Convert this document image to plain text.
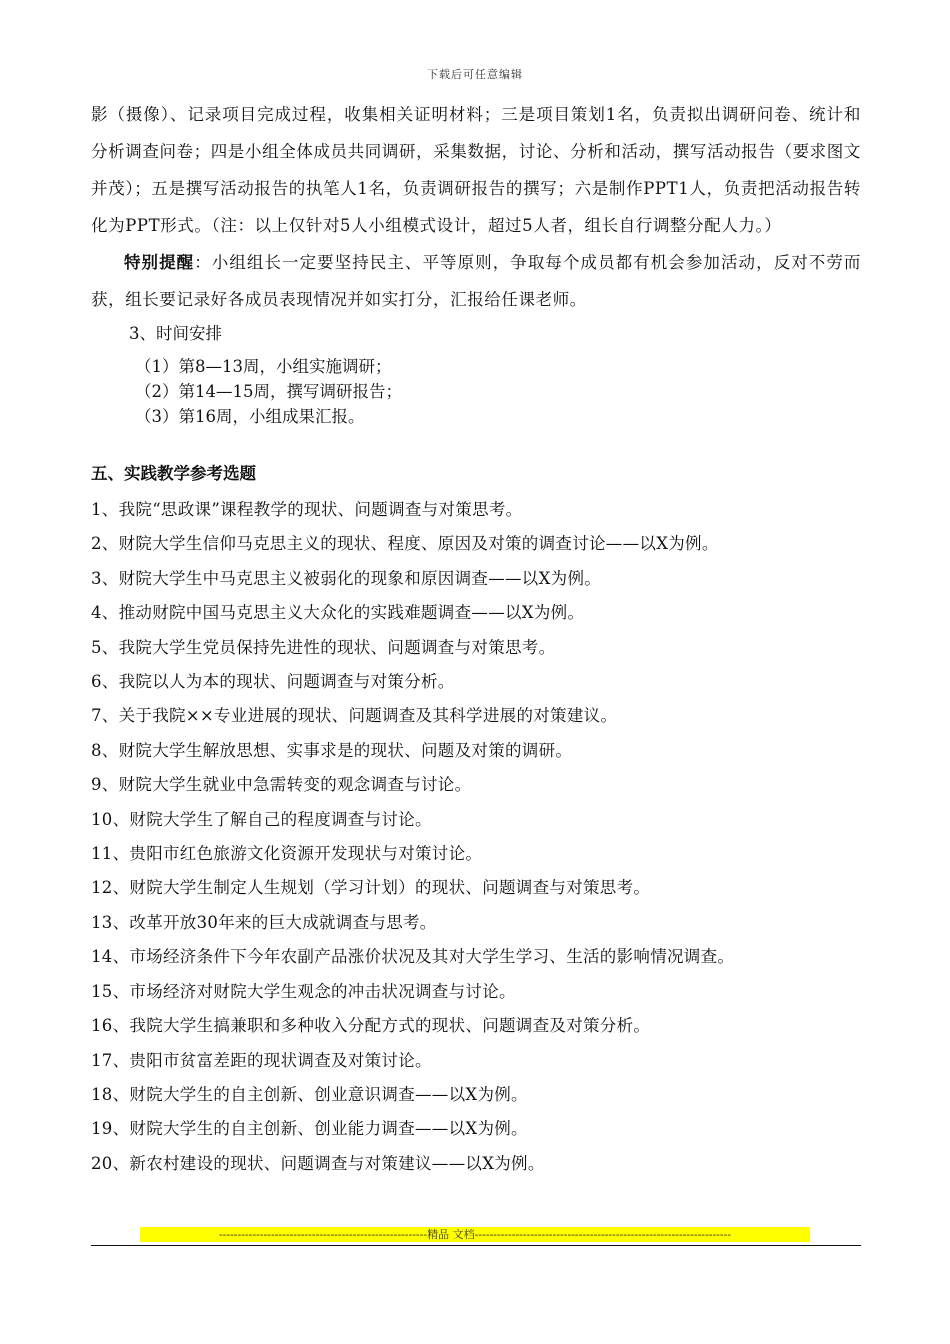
下载后可任意编辑

影（摄像）、记录项目完成过程，收集相关证明材料；三是项目策划1名，负责拟出调研问卷、统计和分析调查问卷；四是小组全体成员共同调研，采集数据，讨论、分析和活动，撰写活动报告（要求图文并茂）；五是撰写活动报告的执笔人1名，负责调研报告的撰写；六是制作PPT1人，负责把活动报告转化为PPT形式。（注：以上仅针对5人小组模式设计，超过5人者，组长自行调整分配人力。）

特别提醒：小组组长一定要坚持民主、平等原则，争取每个成员都有机会参加活动，反对不劳而获，组长要记录好各成员表现情况并如实打分，汇报给任课老师。

3、时间安排

（1）第8—13周，小组实施调研；
（2）第14—15周，撰写调研报告；
（3）第16周，小组成果汇报。
五、实践教学参考选题
1、我院“思政课”课程教学的现状、问题调查与对策思考。
2、财院大学生信仰马克思主义的现状、程度、原因及对策的调查讨论——以X为例。
3、财院大学生中马克思主义被弱化的现象和原因调查——以X为例。
4、推动财院中国马克思主义大众化的实践难题调查——以X为例。
5、我院大学生党员保持先进性的现状、问题调查与对策思考。
6、我院以人为本的现状、问题调查与对策分析。
7、关于我院××专业进展的现状、问题调查及其科学进展的对策建议。
8、财院大学生解放思想、实事求是的现状、问题及对策的调研。
9、财院大学生就业中急需转变的观念调查与讨论。
10、财院大学生了解自己的程度调查与讨论。
11、贵阳市红色旅游文化资源开发现状与对策讨论。
12、财院大学生制定人生规划（学习计划）的现状、问题调查与对策思考。
13、改革开放30年来的巨大成就调查与思考。
14、市场经济条件下今年农副产品涨价状况及其对大学生学习、生活的影响情况调查。
15、市场经济对财院大学生观念的冲击状况调查与讨论。
16、我院大学生搞兼职和多种收入分配方式的现状、问题调查及对策分析。
17、贵阳市贫富差距的现状调查及对策讨论。
18、财院大学生的自主创新、创业意识调查——以X为例。
19、财院大学生的自主创新、创业能力调查——以X为例。
20、新农村建设的现状、问题调查与对策建议——以X为例。
--------------------------------------------------------精品 文档---------------------------------------------------------------------
